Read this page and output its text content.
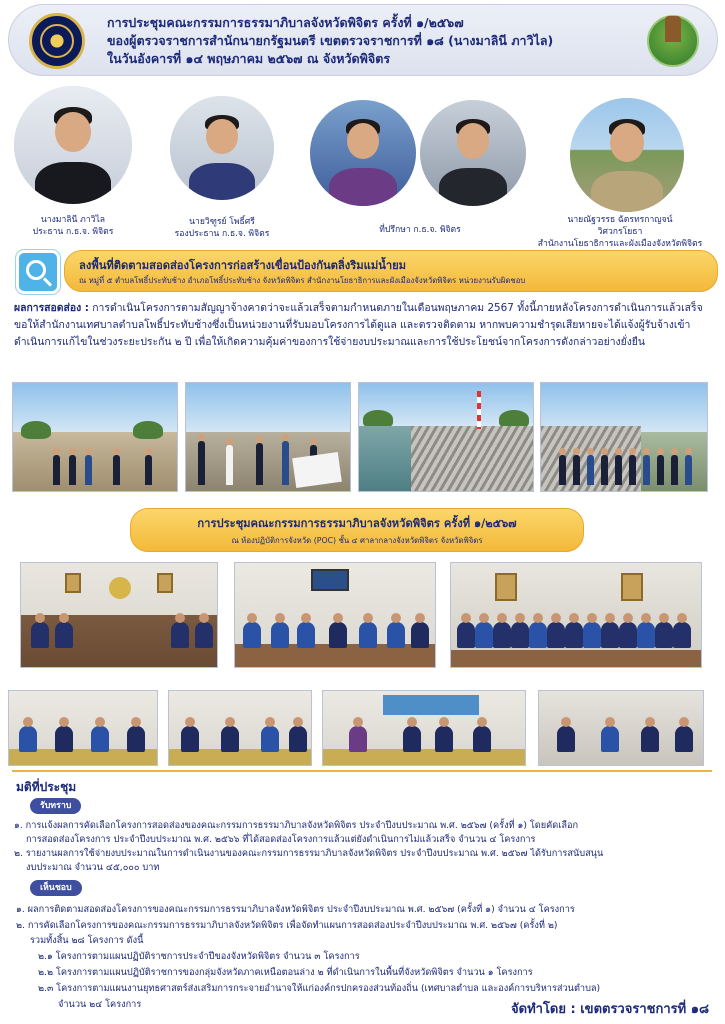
การประชุมคณะกรรมการธรรมาภิบาลจังหวัดพิจิตร ครั้งที่ ๑/๒๕๖๗
ของผู้ตรวจราชการสำนักนายกรัฐมนตรี เขตตรวจราชการที่ ๑๘ (นางมาลินี ภาวิไล)
ในวันอังคารที่ ๑๔ พฤษภาคม ๒๕๖๗ ณ จังหวัดพิจิตร
นางมาลินี ภาวิไล
ประธาน ก.ธ.จ. พิจิตร
นายวิฑูรย์ โพธิ์ศรี
รองประธาน ก.ธ.จ. พิจิตร	ที่ปรึกษา ก.ธ.จ. พิจิตร
นายณัฐวรรธ ฉัตรทรกาญจน์
วิศวกรโยธา
สำนักงานโยธาธิการและผังเมืองจังหวัดพิจิตร
ลงพื้นที่ติดตามสอดส่องโครงการก่อสร้างเขื่อนป้องกันตลิ่งริมแม่น้ำยม
ณ หมู่ที่ ๕ ตำบลโพธิ์ประทับช้าง อำเภอโพธิ์ประทับช้าง จังหวัดพิจิตร สำนักงานโยธาธิการและผังเมืองจังหวัดพิจิตร หน่วยงานรับผิดชอบ
ผลการสอดส่อง : การดำเนินโครงการตามสัญญาจ้างคาดว่าจะแล้วเสร็จตามกำหนดภายในเดือนพฤษภาคม 2567 ทั้งนี้ภายหลังโครงการดำเนินการแล้วเสร็จขอให้สำนักงานเทศบาลตำบลโพธิ์ประทับช้างซึ่งเป็นหน่วยงานที่รับมอบโครงการได้ดูแล และตรวจติดตาม หากพบความชำรุดเสียหายจะได้แจ้งผู้รับจ้างเข้าดำเนินการแก้ไขในช่วงระยะประกัน ๒ ปี เพื่อให้เกิดความคุ้มค่าของการใช้จ่ายงบประมาณและการใช้ประโยชน์จากโครงการดังกล่าวอย่างยั่งยืน
การประชุมคณะกรรมการธรรมาภิบาลจังหวัดพิจิตร ครั้งที่ ๑/๒๕๖๗
ณ ห้องปฏิบัติการจังหวัด (POC) ชั้น ๔ ศาลากลางจังหวัดพิจิตร จังหวัดพิจิตร
มติที่ประชุม
รับทราบ
๑. การแจ้งผลการคัดเลือกโครงการสอดส่องของคณะกรรมการธรรมาภิบาลจังหวัดพิจิตร ประจำปีงบประมาณ พ.ศ. ๒๕๖๗ (ครั้งที่ ๑) โดยคัดเลือก
การสอดส่องโครงการ ประจำปีงบประมาณ พ.ศ. ๒๕๖๖ ที่ได้สอดส่องโครงการแล้วแต่ยังดำเนินการไม่แล้วเสร็จ จำนวน ๔ โครงการ
๒. รายงานผลการใช้จ่ายงบประมาณในการดำเนินงานของคณะกรรมการธรรมาภิบาลจังหวัดพิจิตร ประจำปีงบประมาณ พ.ศ. ๒๕๖๗ ได้รับการสนับสนุน
งบประมาณ จำนวน ๔๕,๐๐๐ บาท
เห็นชอบ
๑. ผลการติดตามสอดส่องโครงการของคณะกรรมการธรรมาภิบาลจังหวัดพิจิตร ประจำปีงบประมาณ พ.ศ. ๒๕๖๗ (ครั้งที่ ๑) จำนวน ๔ โครงการ
๒. การคัดเลือกโครงการของคณะกรรมการธรรมาภิบาลจังหวัดพิจิตร เพื่อจัดทำแผนการสอดส่องประจำปีงบประมาณ พ.ศ. ๒๕๖๗ (ครั้งที่ ๒)
รวมทั้งสิ้น ๒๘ โครงการ ดังนี้
๒.๑ โครงการตามแผนปฏิบัติราชการประจำปีของจังหวัดพิจิตร จำนวน ๓ โครงการ
๒.๒ โครงการตามแผนปฏิบัติราชการของกลุ่มจังหวัดภาคเหนือตอนล่าง ๒ ที่ดำเนินการในพื้นที่จังหวัดพิจิตร จำนวน ๑ โครงการ
๒.๓ โครงการตามแผนงานยุทธศาสตร์ส่งเสริมการกระจายอำนาจให้แก่องค์กรปกครองส่วนท้องถิ่น (เทศบาลตำบล และองค์การบริหารส่วนตำบล)
จำนวน ๒๔ โครงการ	จัดทำโดย : เขตตรวจราชการที่ ๑๘
